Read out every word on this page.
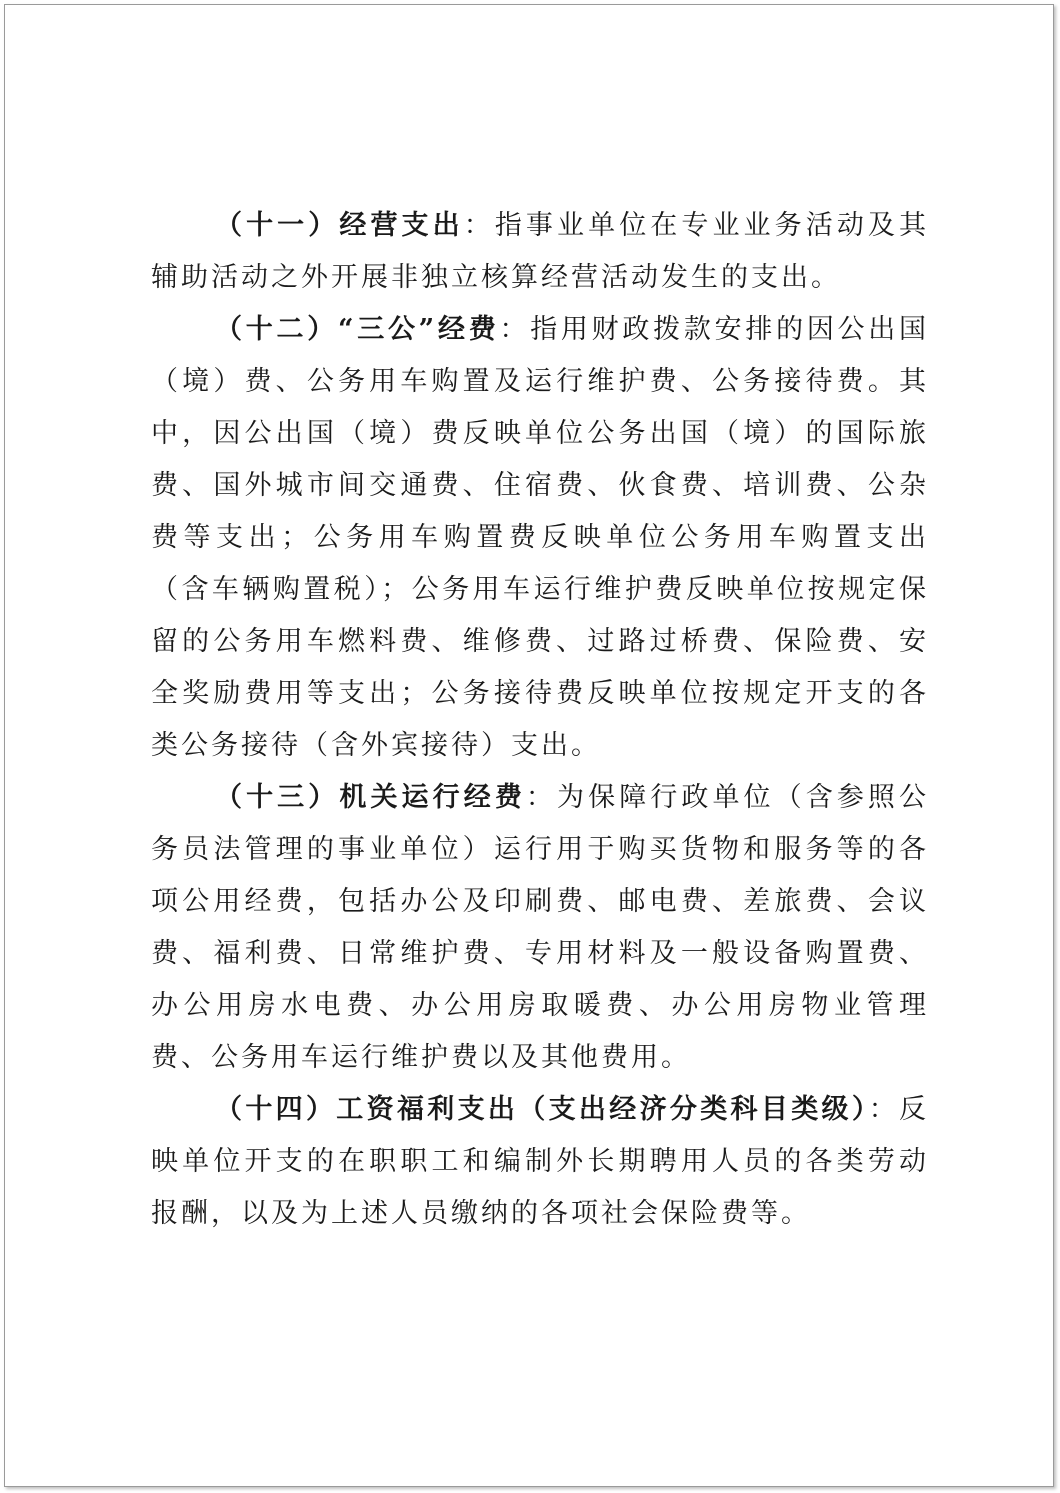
（十一）经营支出：指事业单位在专业业务活动及其辅助活动之外开展非独立核算经营活动发生的支出。

（十二）“三公”经费：指用财政拨款安排的因公出国（境）费、公务用车购置及运行维护费、公务接待费。其中，因公出国（境）费反映单位公务出国（境）的国际旅费、国外城市间交通费、住宿费、伙食费、培训费、公杂费等支出；公务用车购置费反映单位公务用车购置支出（含车辆购置税）；公务用车运行维护费反映单位按规定保留的公务用车燃料费、维修费、过路过桥费、保险费、安全奖励费用等支出；公务接待费反映单位按规定开支的各类公务接待（含外宾接待）支出。

（十三）机关运行经费：为保障行政单位（含参照公务员法管理的事业单位）运行用于购买货物和服务等的各项公用经费，包括办公及印刷费、邮电费、差旅费、会议费、福利费、日常维护费、专用材料及一般设备购置费、办公用房水电费、办公用房取暖费、办公用房物业管理费、公务用车运行维护费以及其他费用。

（十四）工资福利支出（支出经济分类科目类级）：反映单位开支的在职职工和编制外长期聘用人员的各类劳动报酬，以及为上述人员缴纳的各项社会保险费等。
